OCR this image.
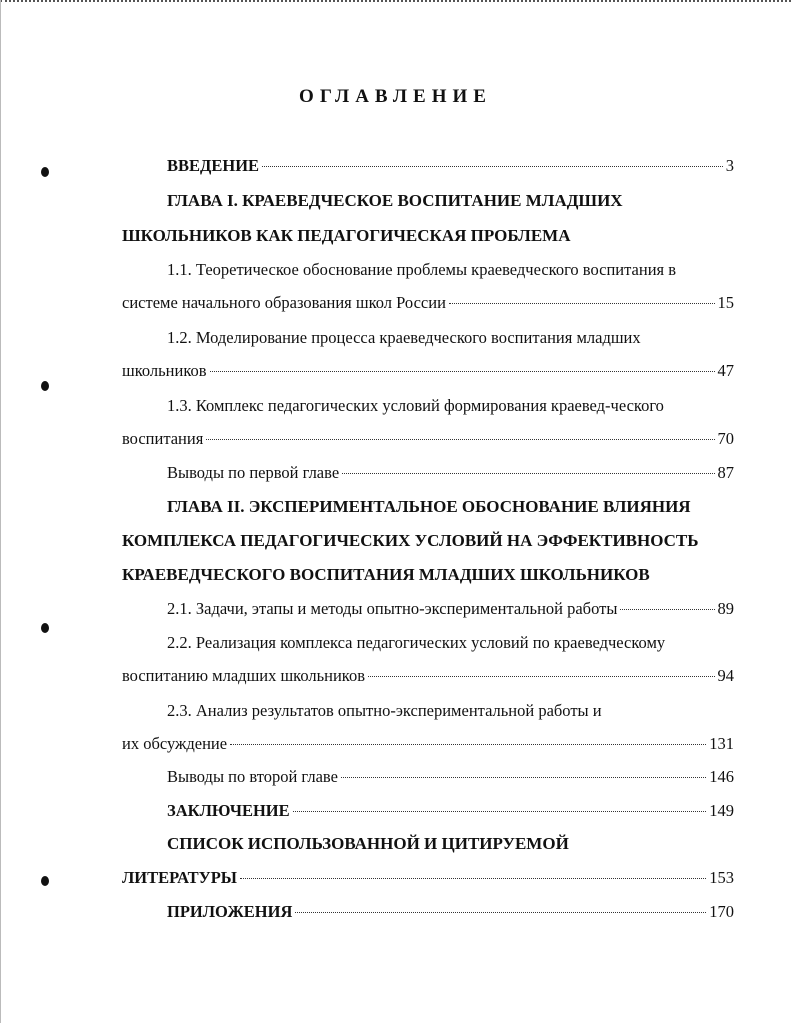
ОГЛАВЛЕНИЕ
ВВЕДЕНИЕ	3
ГЛАВА I. КРАЕВЕДЧЕСКОЕ ВОСПИТАНИЕ МЛАДШИХ
ШКОЛЬНИКОВ КАК ПЕДАГОГИЧЕСКАЯ ПРОБЛЕМА
1.1. Теоретическое обоснование проблемы краеведческого воспитания в
системе начального образования школ России	15
1.2. Моделирование процесса краеведческого воспитания младших
школьников	47
1.3. Комплекс педагогических условий формирования краевед-ческого
воспитания	70
Выводы по первой главе	87
ГЛАВА II. ЭКСПЕРИМЕНТАЛЬНОЕ ОБОСНОВАНИЕ ВЛИЯНИЯ
КОМПЛЕКСА ПЕДАГОГИЧЕСКИХ УСЛОВИЙ НА ЭФФЕКТИВНОСТЬ
КРАЕВЕДЧЕСКОГО ВОСПИТАНИЯ МЛАДШИХ ШКОЛЬНИКОВ
2.1. Задачи, этапы и методы опытно-экспериментальной работы	89
2.2. Реализация комплекса педагогических условий по краеведческому
воспитанию младших школьников	94
2.3. Анализ результатов опытно-экспериментальной работы и
их обсуждение	131
Выводы по второй главе	146
ЗАКЛЮЧЕНИЕ	149
СПИСОК ИСПОЛЬЗОВАННОЙ И ЦИТИРУЕМОЙ
ЛИТЕРАТУРЫ	153
ПРИЛОЖЕНИЯ	170
